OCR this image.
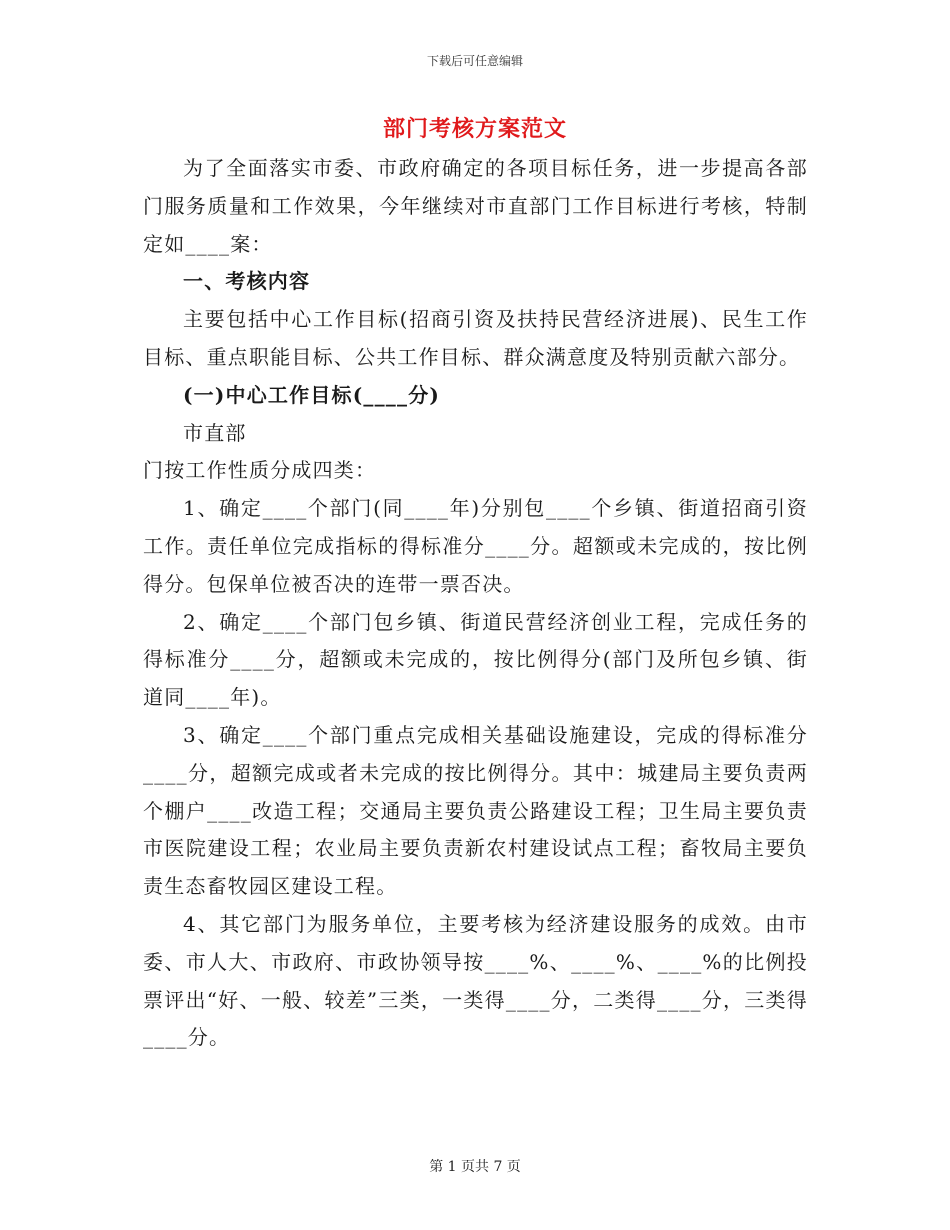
下载后可任意编辑
部门考核方案范文

为了全面落实市委、市政府确定的各项目标任务，进一步提高各部门服务质量和工作效果，今年继续对市直部门工作目标进行考核，特制定如____案：

一、考核内容

主要包括中心工作目标(招商引资及扶持民营经济进展)、民生工作目标、重点职能目标、公共工作目标、群众满意度及特别贡献六部分。

(一)中心工作目标(____分)

市直部

门按工作性质分成四类：

1、确定____个部门(同____年)分别包____个乡镇、街道招商引资工作。责任单位完成指标的得标准分____分。超额或未完成的，按比例得分。包保单位被否决的连带一票否决。

2、确定____个部门包乡镇、街道民营经济创业工程，完成任务的得标准分____分，超额或未完成的，按比例得分(部门及所包乡镇、街道同____年)。

3、确定____个部门重点完成相关基础设施建设，完成的得标准分____分，超额完成或者未完成的按比例得分。其中：城建局主要负责两个棚户____改造工程；交通局主要负责公路建设工程；卫生局主要负责市医院建设工程；农业局主要负责新农村建设试点工程；畜牧局主要负责生态畜牧园区建设工程。

4、其它部门为服务单位，主要考核为经济建设服务的成效。由市委、市人大、市政府、市政协领导按____%、____%、____%的比例投票评出“好、一般、较差”三类，一类得____分，二类得____分，三类得____分。

第 1 页共 7 页
